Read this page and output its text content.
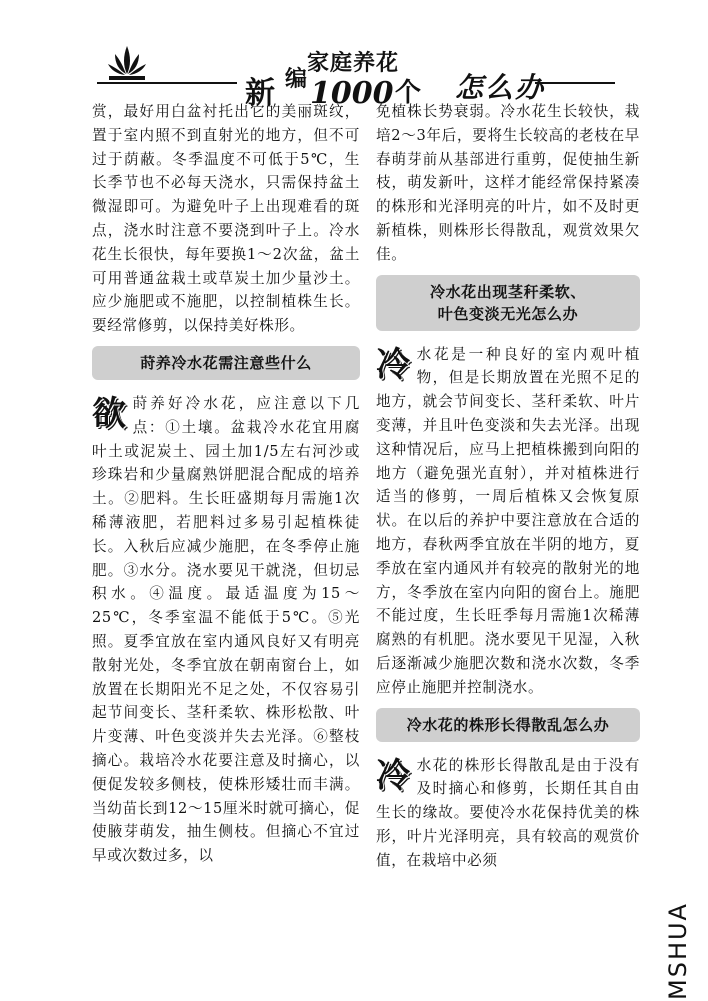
新 编
家庭养花
1000 个 怎么办

赏，最好用白盆衬托出它的美丽斑纹，置于室内照不到直射光的地方，但不可过于荫蔽。冬季温度不可低于5℃，生长季节也不必每天浇水，只需保持盆土微湿即可。为避免叶子上出现难看的斑点，浇水时注意不要浇到叶子上。冷水花生长很快，每年要换1～2次盆，盆土可用普通盆栽土或草炭土加少量沙土。应少施肥或不施肥，以控制植株生长。要经常修剪，以保持美好株形。

莳养冷水花需注意些什么

欲莳养好冷水花，应注意以下几点：①土壤。盆栽冷水花宜用腐叶土或泥炭土、园土加1/5左右河沙或珍珠岩和少量腐熟饼肥混合配成的培养土。②肥料。生长旺盛期每月需施1次稀薄液肥，若肥料过多易引起植株徒长。入秋后应减少施肥，在冬季停止施肥。③水分。浇水要见干就浇，但切忌积水。④温度。最适温度为15～25℃，冬季室温不能低于5℃。⑤光照。夏季宜放在室内通风良好又有明亮散射光处，冬季宜放在朝南窗台上，如放置在长期阳光不足之处，不仅容易引起节间变长、茎秆柔软、株形松散、叶片变薄、叶色变淡并失去光泽。⑥整枝摘心。栽培冷水花要注意及时摘心，以便促发较多侧枝，使株形矮壮而丰满。当幼苗长到12～15厘米时就可摘心，促使腋芽萌发，抽生侧枝。但摘心不宜过早或次数过多，以

免植株长势衰弱。冷水花生长较快，栽培2～3年后，要将生长较高的老枝在早春萌芽前从基部进行重剪，促使抽生新枝，萌发新叶，这样才能经常保持紧凑的株形和光泽明亮的叶片，如不及时更新植株，则株形长得散乱，观赏效果欠佳。

冷水花出现茎秆柔软、
叶色变淡无光怎么办

冷水花是一种良好的室内观叶植物，但是长期放置在光照不足的地方，就会节间变长、茎秆柔软、叶片变薄，并且叶色变淡和失去光泽。出现这种情况后，应马上把植株搬到向阳的地方（避免强光直射），并对植株进行适当的修剪，一周后植株又会恢复原状。在以后的养护中要注意放在合适的地方，春秋两季宜放在半阴的地方，夏季放在室内通风并有较亮的散射光的地方，冬季放在室内向阳的窗台上。施肥不能过度，生长旺季每月需施1次稀薄腐熟的有机肥。浇水要见干见湿，入秋后逐渐减少施肥次数和浇水次数，冬季应停止施肥并控制浇水。

冷水花的株形长得散乱怎么办

冷水花的株形长得散乱是由于没有及时摘心和修剪，长期任其自由生长的缘故。要使冷水花保持优美的株形，叶片光泽明亮，具有较高的观赏价值，在栽培中必须

MSHUA
